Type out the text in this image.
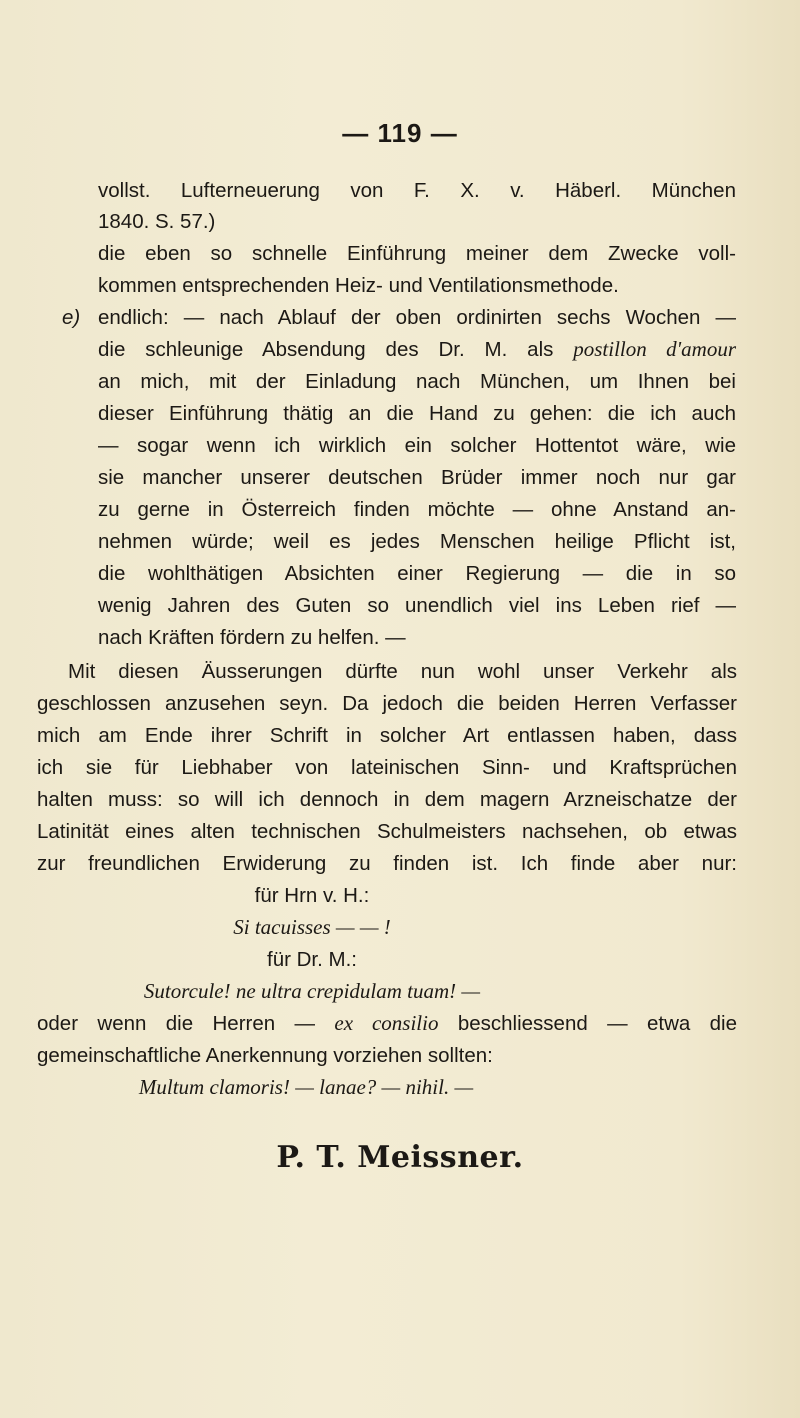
— 119 —
vollst. Lufterneuerung von F. X. v. Häberl. München
1840. S. 57.)
die eben so schnelle Einführung meiner dem Zwecke voll-
kommen entsprechenden Heiz- und Ventilationsmethode.
e) endlich: — nach Ablauf der oben ordinirten sechs Wochen —
die schleunige Absendung des Dr. M. als postillon d'amour
an mich, mit der Einladung nach München, um Ihnen bei
dieser Einführung thätig an die Hand zu gehen: die ich auch
— sogar wenn ich wirklich ein solcher Hottentot wäre, wie
sie mancher unserer deutschen Brüder immer noch nur gar
zu gerne in Österreich finden möchte — ohne Anstand an-
nehmen würde; weil es jedes Menschen heilige Pflicht ist,
die wohlthätigen Absichten einer Regierung — die in so
wenig Jahren des Guten so unendlich viel ins Leben rief —
nach Kräften fördern zu helfen. —
Mit diesen Äusserungen dürfte nun wohl unser Verkehr als
geschlossen anzusehen seyn. Da jedoch die beiden Herren Verfasser
mich am Ende ihrer Schrift in solcher Art entlassen haben, dass
ich sie für Liebhaber von lateinischen Sinn- und Kraftsprüchen
halten muss: so will ich dennoch in dem magern Arzneischatze der
Latinität eines alten technischen Schulmeisters nachsehen, ob etwas
zur freundlichen Erwiderung zu finden ist. Ich finde aber nur:
für Hrn v. H.:
Si tacuisses — — !
für Dr. M.:
Sutorcule! ne ultra crepidulam tuam! —
oder wenn die Herren — ex consilio beschliessend — etwa die
gemeinschaftliche Anerkennung vorziehen sollten:
Multum clamoris! — lanae? — nihil. —
P. T. Meissner.
